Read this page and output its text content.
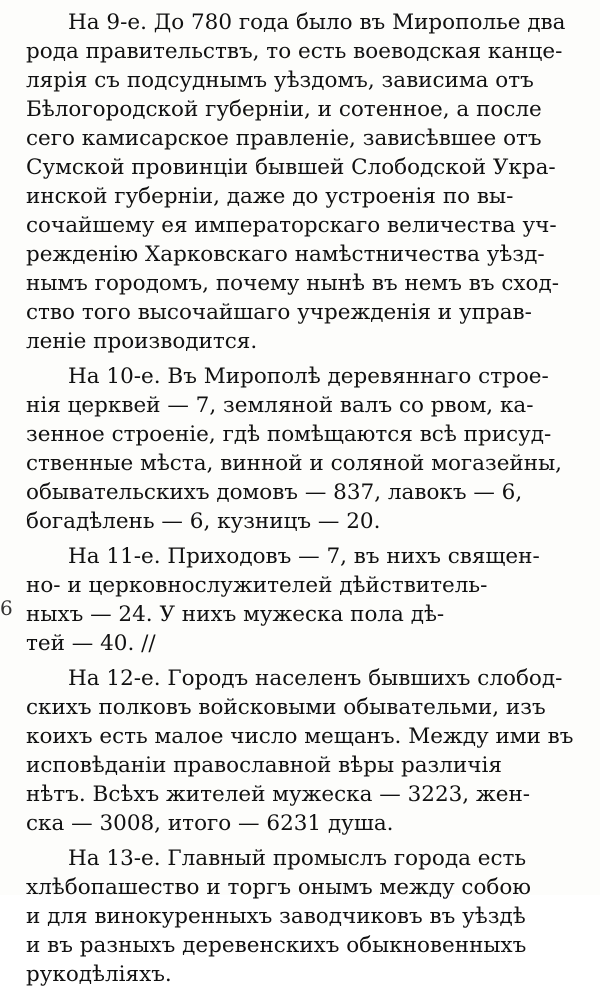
6
На 9-е. До 780 года было въ Мирополье два
рода правительствъ, то есть воеводская канце-
лярія съ подсуднымъ уѣздомъ, зависима отъ
Бѣлогородской губерніи, и сотенное, а после
сего камисарское правленіе, зависѣвшее отъ
Сумской провинціи бывшей Слободской Укра-
инской губерніи, даже до устроенія по вы-
сочайшему ея императорскаго величества уч-
режденію Харковскаго намѣстничества уѣзд-
нымъ городомъ, почему нынѣ въ немъ въ сход-
ство того высочайшаго учрежденія и управ-
леніе производится.
На 10-е. Въ Мирополѣ деревяннаго строе-
нія церквей — 7, земляной валъ со рвом, ка-
зенное строеніе, гдѣ помѣщаются всѣ присуд-
ственные мѣста, винной и соляной могазейны,
обывательскихъ домовъ — 837, лавокъ — 6,
богадѣлень — 6, кузницъ — 20.
На 11-е. Приходовъ — 7, въ нихъ священ-
но- и церковнослужителей дѣйствитель-
ныхъ — 24. У нихъ мужеска пола дѣ-
тей — 40. //
На 12-е. Городъ населенъ бывшихъ слобод-
скихъ полковъ войсковыми обывательми, изъ
коихъ есть малое число мещанъ. Между ими въ
исповѣданіи православной вѣры различія
нѣтъ. Всѣхъ жителей мужеска — 3223, жен-
ска — 3008, итого — 6231 душа.
На 13-е. Главный промыслъ города есть
хлѣбопашество и торгъ онымъ между собою
и для винокуренныхъ заводчиковъ въ уѣздѣ
и въ разныхъ деревенскихъ обыкновенныхъ
рукодѣліяхъ.
